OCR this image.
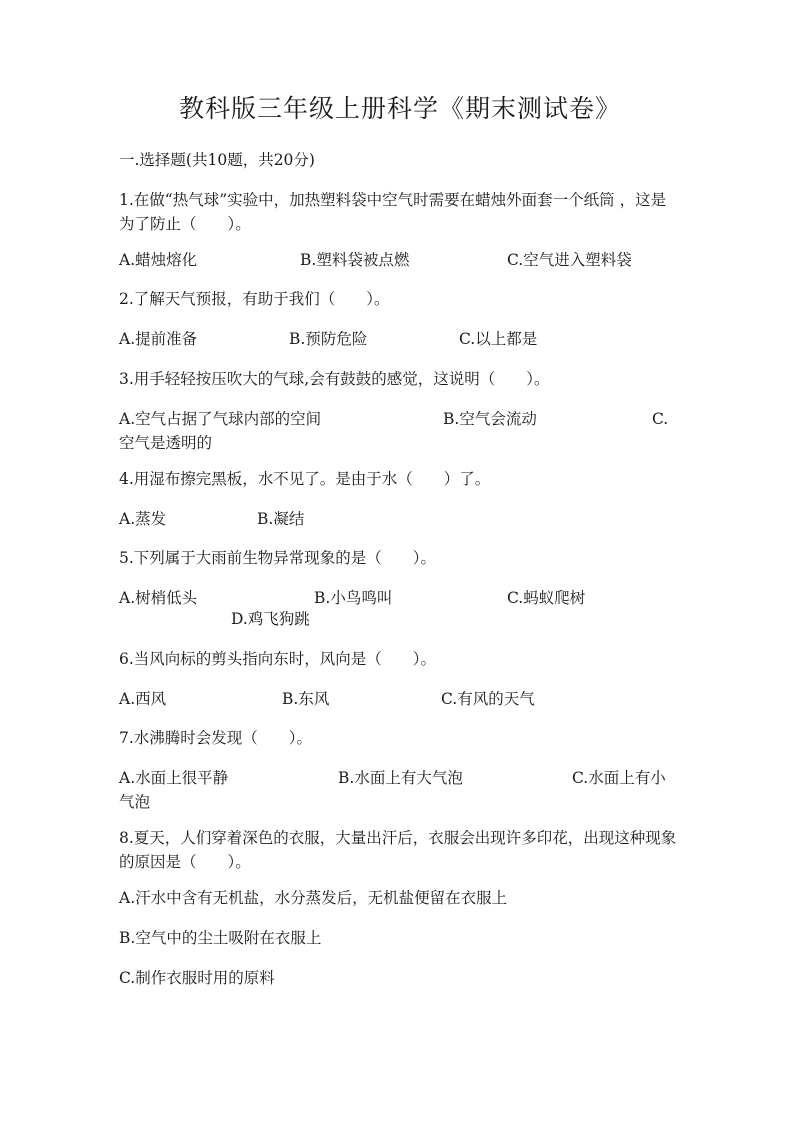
教科版三年级上册科学《期末测试卷》
一.选择题(共10题，共20分)
1.在做“热气球”实验中，加热塑料袋中空气时需要在蜡烛外面套一个纸筒 ，这是为了防止（　　）。
A.蜡烛熔化	B.塑料袋被点燃	C.空气进入塑料袋
2.了解天气预报，有助于我们（　　）。
A.提前准备	B.预防危险	C.以上都是
3.用手轻轻按压吹大的气球,会有鼓鼓的感觉，这说明（　　）。
A.空气占据了气球内部的空间	B.空气会流动	C.
空气是透明的
4.用湿布擦完黑板，水不见了。是由于水（　　）了。
A.蒸发	B.凝结
5.下列属于大雨前生物异常现象的是（　　）。
A.树梢低头	B.小鸟鸣叫	C.蚂蚁爬树
D.鸡飞狗跳
6.当风向标的剪头指向东时，风向是（　　）。
A.西风	B.东风	C.有风的天气
7.水沸腾时会发现（　　）。
A.水面上很平静	B.水面上有大气泡	C.水面上有小
气泡
8.夏天，人们穿着深色的衣服，大量出汗后，衣服会出现许多印花，出现这种现象的原因是（　　）。
A.汗水中含有无机盐，水分蒸发后，无机盐便留在衣服上
B.空气中的尘土吸附在衣服上
C.制作衣服时用的原料
